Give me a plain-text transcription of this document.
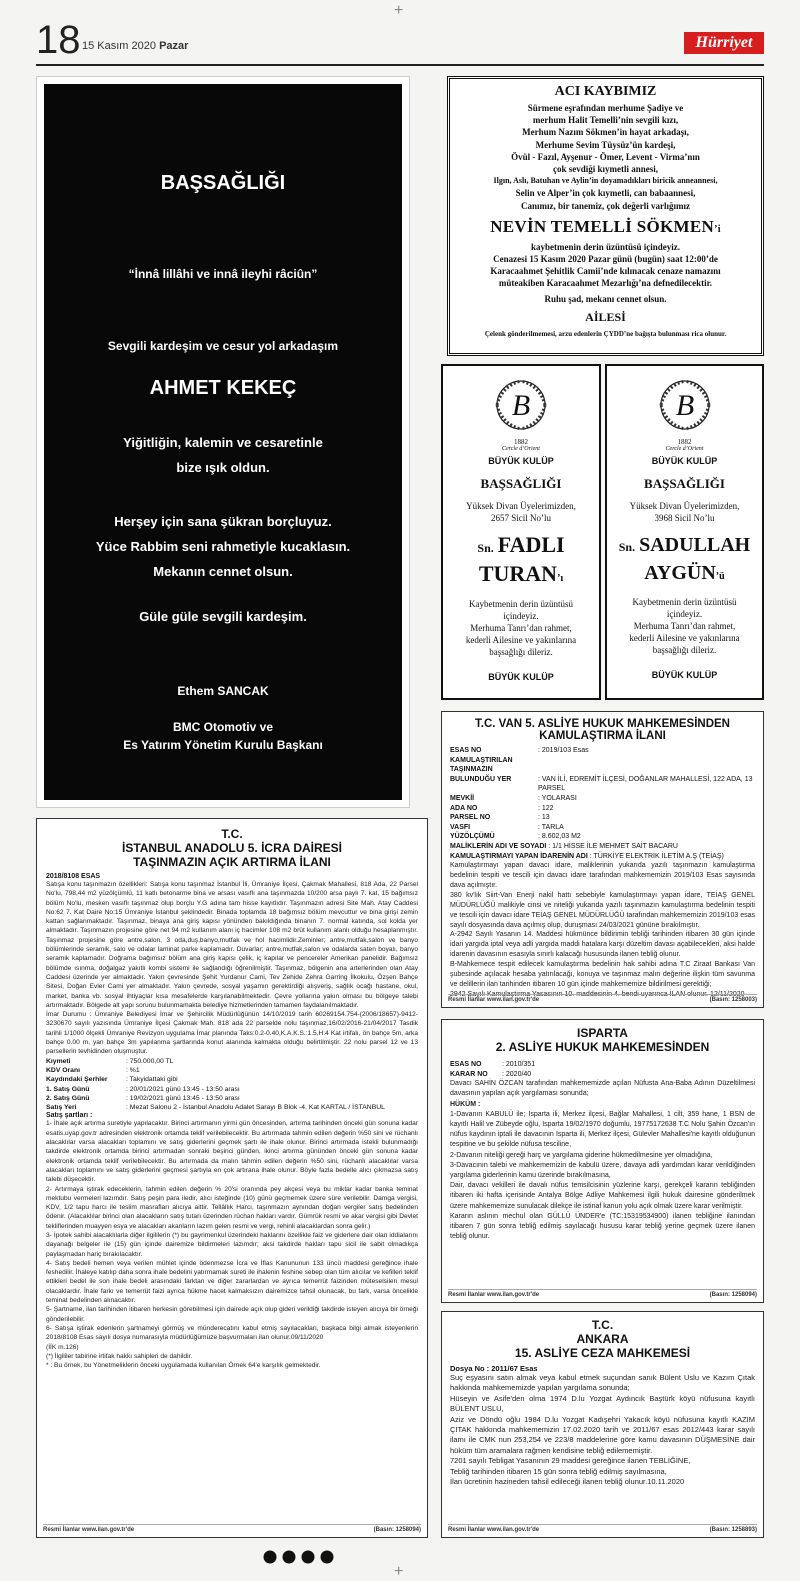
+
+
18 15 Kasım 2020 Pazar	Hürriyet
BAŞSAĞLIĞI
“İnnâ lillâhi ve innâ ileyhi râciûn”
Sevgili kardeşim ve cesur yol arkadaşım
AHMET KEKEÇ
Yiğitliğin, kalemin ve cesaretinle
bize ışık oldun.
Herşey için sana şükran borçluyuz.
Yüce Rabbim seni rahmetiyle kucaklasın.
Mekanın cennet olsun.
Güle güle sevgili kardeşim.
Ethem SANCAK
BMC Otomotiv ve
Es Yatırım Yönetim Kurulu Başkanı
ACI KAYBIMIZ
Sürmene eşrafından merhume Şadiye ve
merhum Halit Temelli’nin sevgili kızı,
Merhum Nazım Sökmen’in hayat arkadaşı,
Merhume Sevim Tüysüz’ün kardeşi,
Övül - Fazıl, Ayşenur - Ömer, Levent - Virma’nın
çok sevdiği kıymetli annesi,
Ilgın, Aslı, Batuhan ve Aylin’in doyamadıkları biricik anneannesi,
Selin ve Alper’in çok kıymetli, can babaannesi,
Canımız, bir tanemiz, çok değerli varlığımız
NEVİN TEMELLİ SÖKMEN’i
kaybetmenin derin üzüntüsü içindeyiz.
Cenazesi 15 Kasım 2020 Pazar günü (bugün) saat 12:00’de
Karacaahmet Şehitlik Camii’nde kılınacak cenaze namazını
müteakiben Karacaahmet Mezarlığı’na defnedilecektir.
Ruhu şad, mekanı cennet olsun.
AİLESİ
Çelenk gönderilmemesi, arzu edenlerin ÇYDD’ne bağışta bulunması rica olunur.
B
1882
Cercle d’Orient
BÜYÜK KULÜP
BAŞSAĞLIĞI
Yüksek Divan Üyelerimizden,
2657 Sicil No’lu
Sn. FADLI
TURAN’ı
Kaybetmenin derin üzüntüsü
içindeyiz.
Merhuma Tanrı’dan rahmet,
kederli Ailesine ve yakınlarına
başsağlığı dileriz.
BÜYÜK KULÜP
B
1882
Cercle d’Orient
BÜYÜK KULÜP
BAŞSAĞLIĞI
Yüksek Divan Üyelerimizden,
3968 Sicil No’lu
Sn. SADULLAH
AYGÜN’ü
Kaybetmenin derin üzüntüsü
içindeyiz.
Merhuma Tanrı’dan rahmet,
kederli Ailesine ve yakınlarına
başsağlığı dileriz.
BÜYÜK KULÜP
T.C. VAN 5. ASLİYE HUKUK MAHKEMESİNDEN
KAMULAŞTIRMA İLANI
ESAS NO	: 2019/103 Esas
KAMULAŞTIRILAN TAŞINMAZIN
BULUNDUĞU YER	: VAN İLİ, EDREMİT İLÇESİ, DOĞANLAR MAHALLESİ, 122 ADA, 13 PARSEL
MEVKİİ	: YOLARASI
ADA NO	: 122
PARSEL NO	: 13
VASFI	: TARLA
YÜZÖLÇÜMÜ	: 8.602,03 M2
MALİKLERİN ADI VE SOYADI : 1/1 HİSSE İLE MEHMET SAİT BACARU
KAMULAŞTIRMAYI YAPAN İDARENİN ADI : TÜRKİYE ELEKTRİK İLETİM A.Ş (TEİAŞ)

Kamulaştırmayı yapan davacı idare, maliklerinin yukarıda yazılı taşınmazın kamulaştırma bedelinin tespiti ve tescili için davacı idare tarafından mahkememizin 2019/103 Esas sayısında dava açılmıştır.

380 kv'lık Siirt-Van Enerji nakil hattı sebebiyle kamulaştırmayı yapan idare, TEİAŞ GENEL MÜDÜRLÜĞÜ malikiyle cinsi ve niteliği yukarıda yazılı taşınmazın kamulaştırma bedelinin tespiti ve tescili için davacı idare TEİAŞ GENEL MÜDÜRLÜĞÜ tarafından mahkememizin 2019/103 esas sayılı dosyasında dava açılmış olup, duruşması 24/03/2021 gününe bırakılmıştır.

A-2942 Sayılı Yasanın 14. Maddesi hükmünce bildirimin tebliği tarihinden itibaren 30 gün içinde idari yargıda iptal veya adli yargıda maddi hatalara karşı düzeltim davası açabilecekleri, aksi halde idarenin davasının esasıyla sınırlı kalacağı hususunda ilanen tebliğ olunur.

B-Mahkemece tespit edilecek kamulaştırma bedelinin hak sahibi adına T.C Ziraat Bankası Van şubesinde açılacak hesaba yatırılacağı, konuya ve taşınmaz malın değerine ilişkin tüm savunma ve delillerin ilan tarihinden itibaren 10 gün içinde mahkememize bildirilmesi gerektiği;

2942 Sayılı Kamulaştırma Yasasının 10. maddesinin 4. bendi uyarınca İLAN olunur. 12/11/2020

Resmi İlanlar www.ilan.gov.tr'de	(Basın: 1258003)
ISPARTA
2. ASLİYE HUKUK MAHKEMESİNDEN
ESAS NO	: 2010/351
KARAR NO	: 2020/40

Davacı SAHİN ÖZCAN tarafından mahkememizde açılan Nüfusta Ana-Baba Adının Düzeltilmesi davasının yapılan açık yargılaması sonunda;

HÜKÜM :

1-Davanın KABULÜ ile; Isparta ili, Merkez ilçesi, Bağlar Mahallesi, 1 cilt, 359 hane, 1 BSN de kayıtlı Halil ve Zübeyde oğlu, Isparta 19/02/1970 doğumlu, 19775172638 T.C Nolu Şahin Özcan'ın nüfus kaydının iptali ile davacının Isparta ili, Merkez ilçesi, Gülevler Mahallesi'ne kayıtlı olduğunun tespitine ve bu şekilde nüfusa tesciline,

2-Davanın niteliği gereği harç ve yargılama giderine hükmedilmesine yer olmadığına,

3-Davacının talebi ve mahkememizin de kabulü üzere, davaya adli yardımdan karar verildiğinden yargılama giderlerinin kamu üzerinde bırakılmasına,

Dair, davacı vekilleri ile davalı nüfus temsilcisinin yüzlerine karşı, gerekçeli kararın tebliğinden itibaren iki hafta içerisinde Antalya Bölge Adliye Mahkemesi ilgili hukuk dairesine gönderilmek üzere mahkememize sunulacak dilekçe ile istinaf kanun yolu açık olmak üzere karar verilmiştir.

Kararın aslının mechul olan GÜLLÜ ÜNDER'e (TC:15319534900) ilanen tebliğine ilanından itibaren 7 gün sonra tebliğ edilmiş sayılacağı hususu karar tebliğ yerine geçmek üzere ilanen tebliğ olunur.

Resmi İlanlar www.ilan.gov.tr'de	(Basın: 1258094)
T.C.
ANKARA
15. ASLİYE CEZA MAHKEMESİ
Dosya No : 2011/67 Esas

Suç eşyasını satın almak veya kabul etmek suçundan sanık Bülent Uslu ve Kazım Çıtak hakkında mahkememizde yapılan yargılama sonunda;

Hüseyin ve Asife'den olma 1974 D.lu Yozgat Aydıncık Baştürk köyü nüfusuna kayıtlı BÜLENT USLU,

Aziz ve Döndü oğlu 1984 D.lu Yozgat Kadışehri Yakacık köyü nüfusuna kayıtlı KAZIM ÇITAK hakkında mahkememizin 17.02.2020 tarih ve 2011/67 esas 2012/443 karar sayılı ilamı ile CMK nun 253,254 ve 223/8 maddelerine göre kamu davasının DÜŞMESİNE dair hüküm tüm aramalara rağmen kendisine tebliğ edilememiştir.

7201 sayılı Tebligat Yasanının 29 maddesi gereğince ilanen TEBLİĞİNE,

Tebliğ tarihinden itibaren 15 gün sonra tebliğ edilmiş sayılmasına,

İlan ücretinin hazineden tahsil edileceği ilanen tebliğ olunur.10.11.2020

Resmi İlanlar www.ilan.gov.tr'de	(Basın: 1258893)
T.C.
İSTANBUL ANADOLU 5. İCRA DAİRESİ
TAŞINMAZIN AÇIK ARTIRMA İLANI
2018/8108 ESAS

Satışa konu taşınmazın özellikleri: Satışa konu taşınmaz İstanbul İli, Ümraniye İlçesi, Çakmak Mahallesi, 818 Ada, 22 Parsel No'lu, 798,44 m2 yüzölçümlü, 11 katlı betonarme bina ve arsası vasıflı ana taşınmazda 10/200 arsa paylı 7. kat, 15 bağımsız bölüm No'lu, mesken vasıflı taşınmaz olup borçlu Y.G adına tam hisse kayıtlıdır. Taşınmazın adresi Site Mah. Atay Caddesi No:62 7. Kat Daire No:15 Ümraniye İstanbul şeklindedir. Binada toplamda 18 bağımsız bölüm mevcuttur ve bina girişi zemin kattan sağlanmaktadır. Taşınmaz, binaya ana giriş kapısı yönünden bakıldığında binanın 7. normal katında, sol kolda yer almaktadır. Taşınmazın projesine göre net 94 m2 kullanım alanı iç hacimler 108 m2 brüt kullanım alanlı olduğu hesaplanmıştır. Taşınmaz projesine göre antre,salon, 3 oda,duş,banyo,mutfak ve hol hacimlidir.Zeminler; antre,mutfak,salon ve banyo bölümlerinde seramik, salo ve odalar laminat parke kaplamadır. Duvarlar; antre,mutfak,salon ve odalarda saten boyalı, banyo seramik kaplamadır. Doğrama bağımsız bölüm ana giriş kapısı çelik, iç kapılar ve pencereler Amerikan panelidir. Bağımsız bölümde ısınma, doğalgaz yakıtlı kombi sistemi ile sağlandığı öğrenilmiştir. Taşınmaz, bölgenin ana arterlerinden olan Atay Caddesi üzerinde yer almaktadır. Yakın çevresinde Şehit Yurdanur Cami, Tev Zehide Zehra Garring İlkokulu, Özşen Bahçe Sitesi, Doğan Evler Cami yer almaktadır. Yakın çevrede, sosyal yaşamın gerektirdiği alışveriş, sağlık ocağı hastane, okul, market, banka vb. sosyal ihtiyaçlar kısa mesafelerde karşılanabilmektedir. Çevre yollarına yakın olması bu bölgeye talebi artırmaktadır. Bölgede alt yapı sorunu bulunmamakta belediye hizmetlerinden tamamen faydalanılmaktadır.

İmar Durumu : Ümraniye Belediyesi İmar ve Şehircilik Müdürlüğünün 14/10/2019 tarih 60269154.754-(2006/18657)-9412-3230670 sayılı yazısında Ümraniye İlçesi Çakmak Mah. 818 ada 22 parselde nolu taşınmaz,16/02/2016-21/04/2017 Tasdik tarihli 1/1000 ölçekli Ümraniye Revizyon uygulama İmar planında Taks:0.2-0.40,K.A.K.S.:1.5,H:4 Kat irtifalı, ön bahçe 5m, arka bahçe 0.00 m, yan bahçe 3m yapılanma şartlarında konut alanında kalmakta olduğu belirtilmiştir. 22 nolu parsel 12 ve 13 parsellerin tevhidinden oluşmuştur.

Kıymeti	: 750.000,00 TL
KDV Oranı	: %1
Kaydındaki Şerhler	: Takyidattaki gibi
1. Satış Günü	: 20/01/2021 günü 13:45 - 13:50 arası
2. Satış Günü	: 19/02/2021 günü 13:45 - 13:50 arası
Satış Yeri	: Mezat Salonu 2 - İstanbul Anadolu Adalet Sarayı B Blok -4. Kat KARTAL / İSTANBUL
Satış şartları :

1- İhale açık artırma suretiyle yapılacaktır. Birinci artırmanın yirmi gün öncesinden, artırma tarihinden önceki gün sonuna kadar esatis.uyap.gov.tr adresinden elektronik ortamda teklif verilebilecektir. Bu artırmada tahmin edilen değerin %50 sini ve rüchanlı alacaklılar varsa alacakları toplamını ve satış giderlerini geçmek şartı ile ihale olunur. Birinci artırmada istekli bulunmadığı takdirde elektronik ortamda birinci artırmadan sonraki beşinci günden, ikinci artırma gününden önceki gün sonuna kadar elektronik ortamda teklif verilebilecektir. Bu artırmada da malın tahmin edilen değerin %50 sini, rüchanlı alacaklılar varsa alacakları toplamını ve satış giderlerini geçmesi şartıyla en çok artırana ihale olunur. Böyle fazla bedelle alıcı çıkmazsa satış talebi düşecektir.

2- Artırmaya iştirak edeceklerin, tahmin edilen değerin % 20'si oranında pey akçesi veya bu miktar kadar banka teminat mektubu vermeleri lazımdır. Satış peşin para iledir, alıcı isteğinde (10) günü geçmemek üzere süre verilebilir. Damga vergisi, KDV, 1/2 tapu harcı ile teslim masrafları alıcıya aittir. Tellâllık Harcı, taşınmazın aynından doğan vergiler satış bedelinden ödenir. (Alacaklılar birinci olan alacakların satış tutarı üzerinden rüchan hakları vardır. Gümrük resmi ve akar vergisi gibi Devlet tekliflerinden muayyen esya ve alacakları akanların lazım gelen resmi ve vergi, rehinli alacaklardan sonra gelir.)

3- İpotek sahibi alacaklılarla diğer ilgililerin (*) bu gayrimenkul üzerindeki haklarını özellikle faiz ve giderlere dair olan iddialarını dayanağı belgeler ile (15) gün içinde dairemize bildirmeleri lazımdır; aksi takdirde hakları tapu sicil ile sabit olmadıkça paylaşmadan hariç bırakılacaktır.

4- Satış bedeli hemen veya verilen mühlet içinde ödenmezse İcra ve İflas Kanununun 133 üncü maddesi gereğince ihale feshedilir. İhaleye katılıp daha sonra ihale bedelini yatırmamak sureti ile ihalenin feshine sebep olan tüm alıcılar ve kefilleri teklif ettikleri bedel ile son ihale bedeli arasındaki farktan ve diğer zararlardan ve ayrıca temerrüt faizinden müteselsilen mesul olacaklardır. İhale farkı ve temerrüt faizi ayrıca hükme hacet kalmaksızın dairemizce tahsil olunacak, bu fark, varsa öncelikle teminat bedelinden alınacaktır.

5- Şartname, ilan tarihinden itibaren herkesin görebilmesi için dairede açık olup gideri verildiği takdirde isteyen alıcıya bir örneği gönderilebilir.

6- Satışa iştirak edenlerin şartnameyi görmüş ve münderecatını kabul etmiş sayılacakları, başkaca bilgi almak isteyenlerin 2018/8108 Esas sayılı dosya numarasıyla müdürlüğümüze başvurmaları ilan olunur.09/11/2020

(İİK m.126)

(*) İlgililer tabirine irtifak hakkı sahipleri de dahildir.

* : Bu örnek, bu Yönetmeliklerin önceki uygulamada kullanılan Örnek 64'e karşılık gelmektedir.

Resmi İlanlar www.ilan.gov.tr'de	(Basın: 1258094)
